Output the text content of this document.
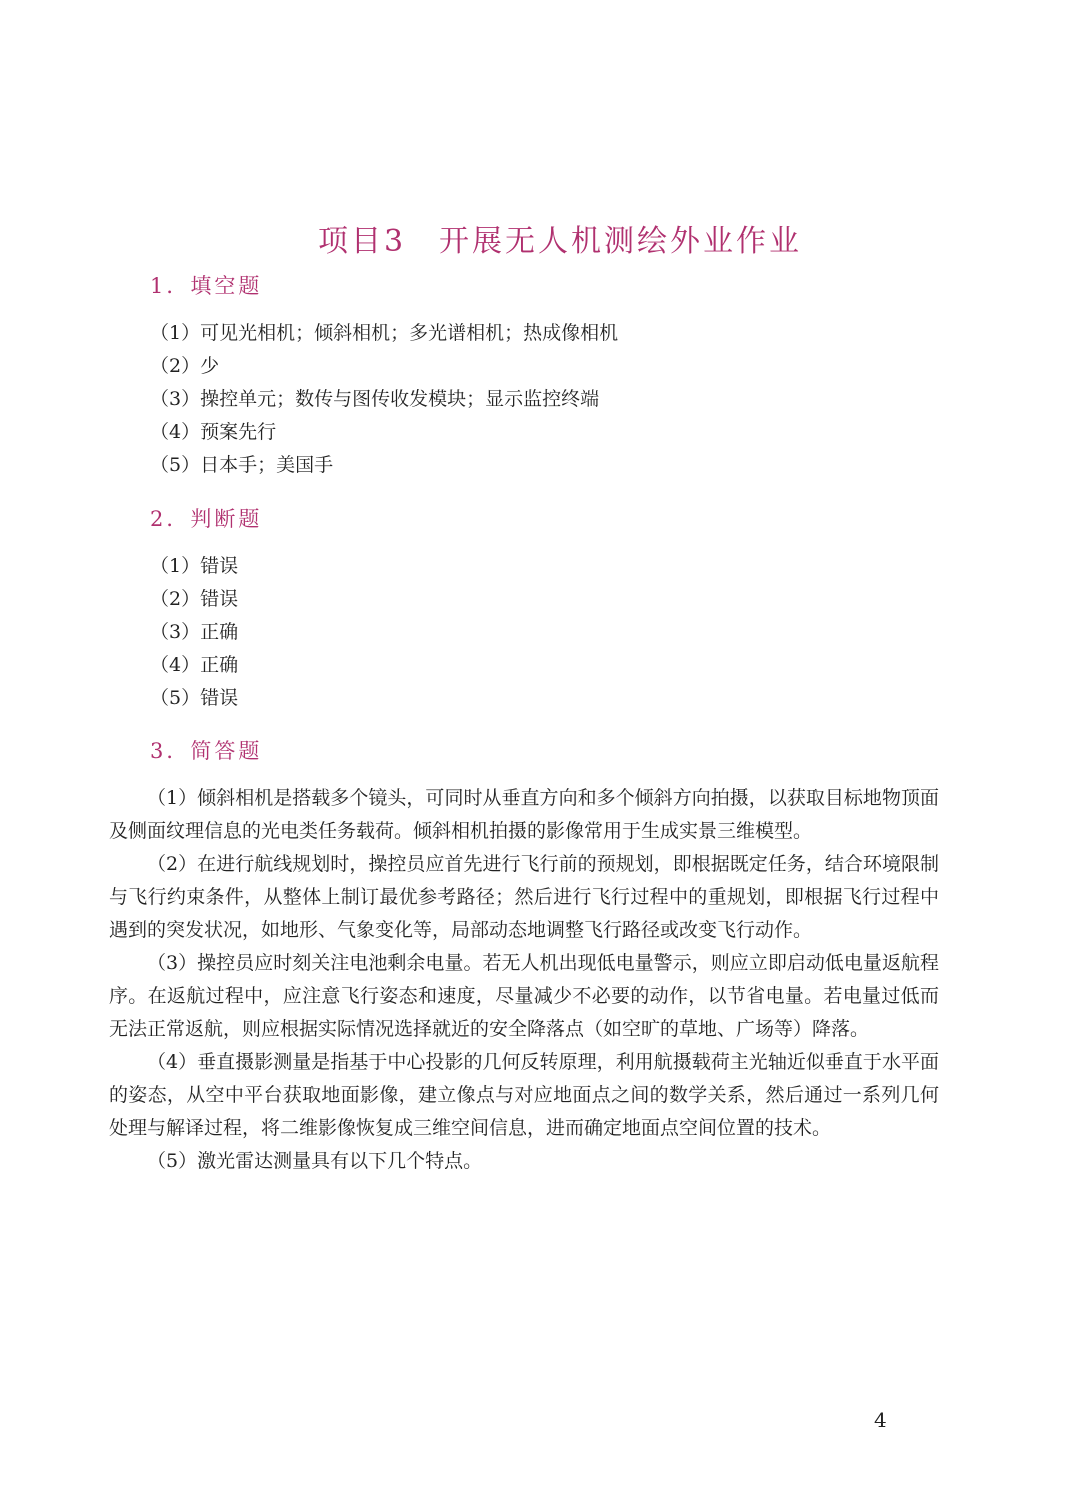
项目3　开展无人机测绘外业作业
1．填空题
（1）可见光相机；倾斜相机；多光谱相机；热成像相机
（2）少
（3）操控单元；数传与图传收发模块；显示监控终端
（4）预案先行
（5）日本手；美国手
2．判断题
（1）错误
（2）错误
（3）正确
（4）正确
（5）错误
3．简答题

（1）倾斜相机是搭载多个镜头，可同时从垂直方向和多个倾斜方向拍摄，以获取目标地物顶面及侧面纹理信息的光电类任务载荷。倾斜相机拍摄的影像常用于生成实景三维模型。

（2）在进行航线规划时，操控员应首先进行飞行前的预规划，即根据既定任务，结合环境限制与飞行约束条件，从整体上制订最优参考路径；然后进行飞行过程中的重规划，即根据飞行过程中遇到的突发状况，如地形、气象变化等，局部动态地调整飞行路径或改变飞行动作。

（3）操控员应时刻关注电池剩余电量。若无人机出现低电量警示，则应立即启动低电量返航程序。在返航过程中，应注意飞行姿态和速度，尽量减少不必要的动作，以节省电量。若电量过低而无法正常返航，则应根据实际情况选择就近的安全降落点（如空旷的草地、广场等）降落。

（4）垂直摄影测量是指基于中心投影的几何反转原理，利用航摄载荷主光轴近似垂直于水平面的姿态，从空中平台获取地面影像，建立像点与对应地面点之间的数学关系，然后通过一系列几何处理与解译过程，将二维影像恢复成三维空间信息，进而确定地面点空间位置的技术。

（5）激光雷达测量具有以下几个特点。

4
